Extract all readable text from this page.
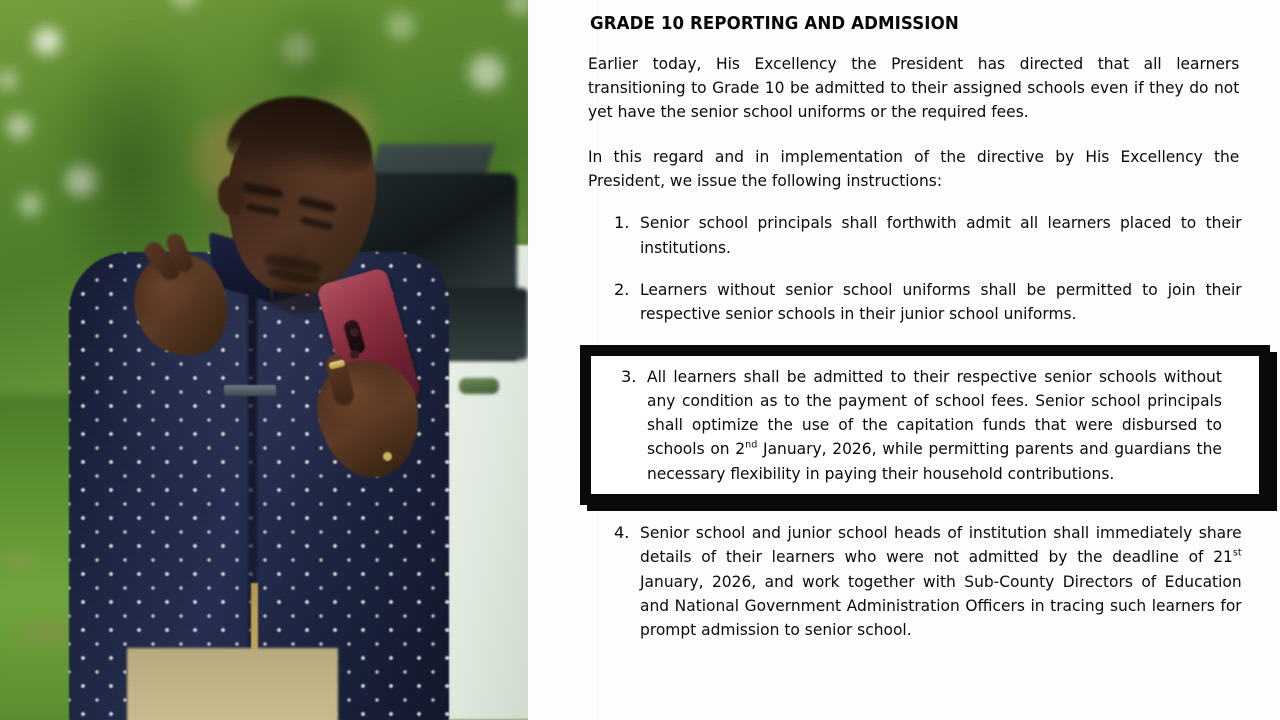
GRADE 10 REPORTING AND ADMISSION

Earlier today, His Excellency the President has directed that all learners transitioning to Grade 10 be admitted to their assigned schools even if they do not yet have the senior school uniforms or the required fees.

In this regard and in implementation of the directive by His Excellency the President, we issue the following instructions:

1. Senior school principals shall forthwith admit all learners placed to their institutions.
2. Learners without senior school uniforms shall be permitted to join their respective senior schools in their junior school uniforms.
3. All learners shall be admitted to their respective senior schools without any condition as to the payment of school fees. Senior school principals shall optimize the use of the capitation funds that were disbursed to schools on 2nd January, 2026, while permitting parents and guardians the necessary flexibility in paying their household contributions.
4. Senior school and junior school heads of institution shall immediately share details of their learners who were not admitted by the deadline of 21st January, 2026, and work together with Sub-County Directors of Education and National Government Administration Officers in tracing such learners for prompt admission to senior school.
